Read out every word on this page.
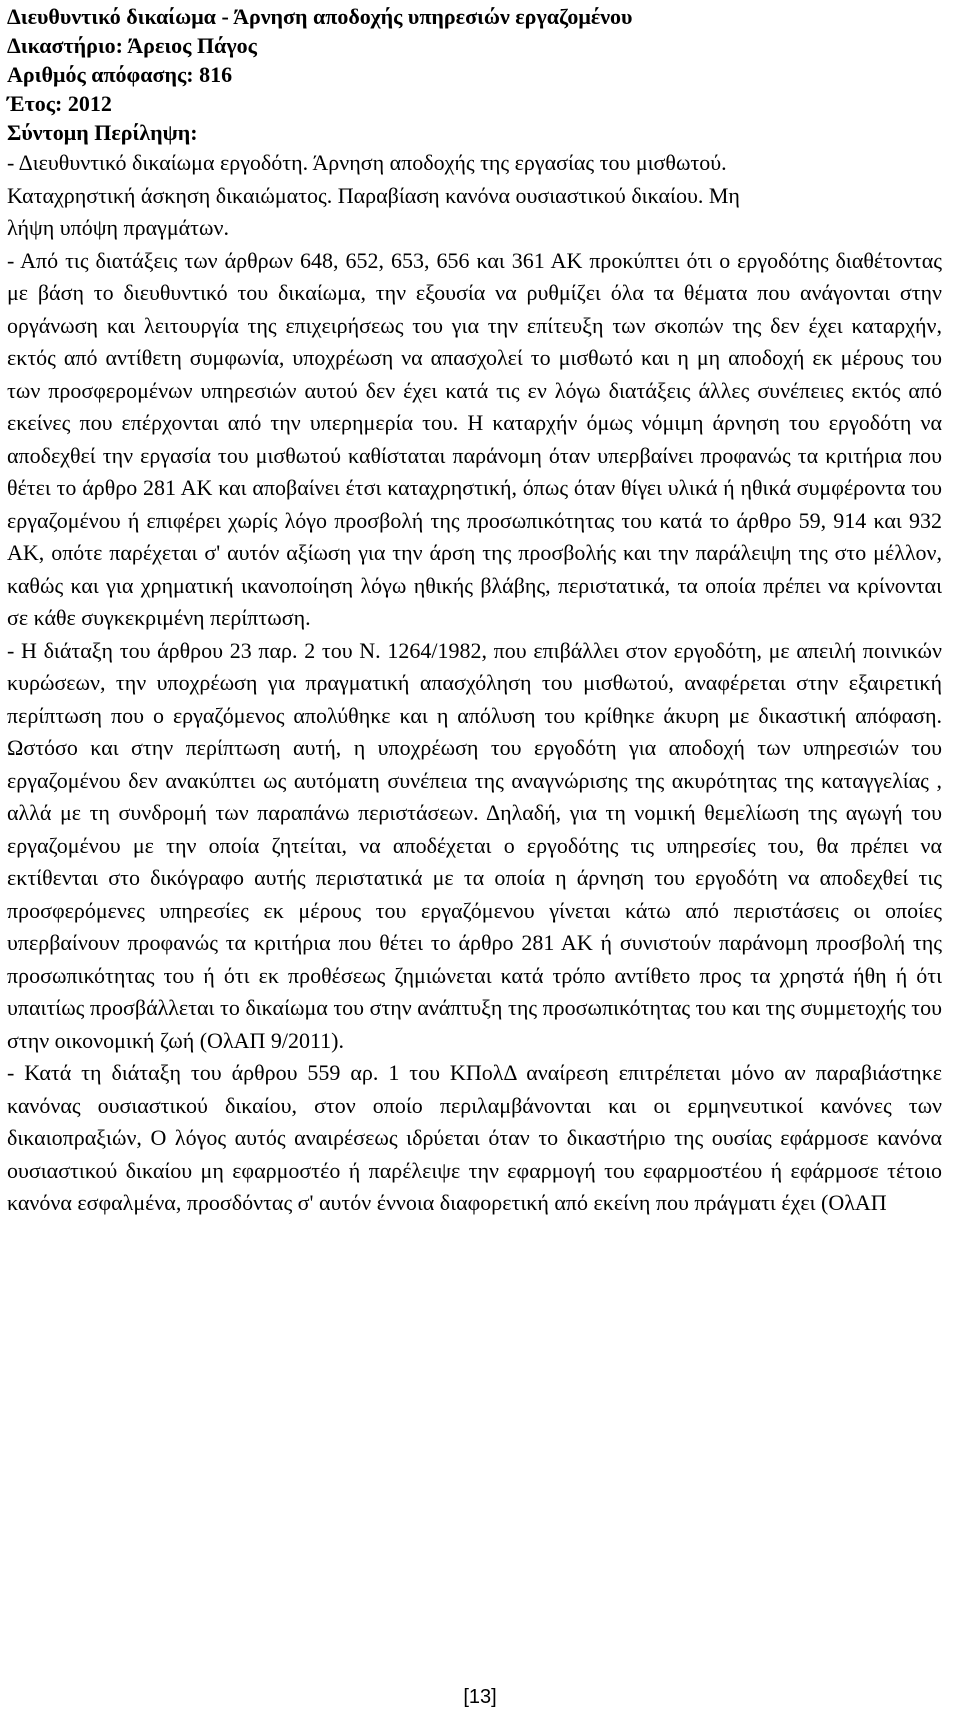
Διευθυντικό δικαίωμα - Άρνηση αποδοχής υπηρεσιών εργαζομένου

Δικαστήριο: Άρειος Πάγος

Αριθμός απόφασης: 816

Έτος: 2012

Σύντομη Περίληψη:

- Διευθυντικό δικαίωμα εργοδότη. Άρνηση αποδοχής της εργασίας του μισθωτού.
Καταχρηστική άσκηση δικαιώματος. Παραβίαση κανόνα ουσιαστικού δικαίου. Μη
λήψη υπόψη πραγμάτων.

- Από τις διατάξεις των άρθρων 648, 652, 653, 656 και 361 ΑΚ προκύπτει ότι ο εργοδότης διαθέτοντας με βάση το διευθυντικό του δικαίωμα, την εξουσία να ρυθμίζει όλα τα θέματα που ανάγονται στην οργάνωση και λειτουργία της επιχειρήσεως του για την επίτευξη των σκοπών της δεν έχει καταρχήν, εκτός από αντίθετη συμφωνία, υποχρέωση να απασχολεί το μισθωτό και η μη αποδοχή εκ μέρους του των προσφερομένων υπηρεσιών αυτού δεν έχει κατά τις εν λόγω διατάξεις άλλες συνέπειες εκτός από εκείνες που επέρχονται από την υπερημερία του. Η καταρχήν όμως νόμιμη άρνηση του εργοδότη να αποδεχθεί την εργασία του μισθωτού καθίσταται παράνομη όταν υπερβαίνει προφανώς τα κριτήρια που θέτει το άρθρο 281 ΑΚ και αποβαίνει έτσι καταχρηστική, όπως όταν θίγει υλικά ή ηθικά συμφέροντα του εργαζομένου ή επιφέρει χωρίς λόγο προσβολή της προσωπικότητας του κατά το άρθρο 59, 914 και 932 ΑΚ, οπότε παρέχεται σ' αυτόν αξίωση για την άρση της προσβολής και την παράλειψη της στο μέλλον, καθώς και για χρηματική ικανοποίηση λόγω ηθικής βλάβης, περιστατικά, τα οποία πρέπει να κρίνονται σε κάθε συγκεκριμένη περίπτωση.

- Η διάταξη του άρθρου 23 παρ. 2 του Ν. 1264/1982, που επιβάλλει στον εργοδότη, με απειλή ποινικών κυρώσεων, την υποχρέωση για πραγματική απασχόληση του μισθωτού, αναφέρεται στην εξαιρετική περίπτωση που ο εργαζόμενος απολύθηκε και η απόλυση του κρίθηκε άκυρη με δικαστική απόφαση. Ωστόσο και στην περίπτωση αυτή, η υποχρέωση του εργοδότη για αποδοχή των υπηρεσιών του εργαζομένου δεν ανακύπτει ως αυτόματη συνέπεια της αναγνώρισης της ακυρότητας της καταγγελίας , αλλά με τη συνδρομή των παραπάνω περιστάσεων. Δηλαδή, για τη νομική θεμελίωση της αγωγή του εργαζομένου με την οποία ζητείται, να αποδέχεται ο εργοδότης τις υπηρεσίες του, θα πρέπει να εκτίθενται στο δικόγραφο αυτής περιστατικά με τα οποία η άρνηση του εργοδότη να αποδεχθεί τις προσφερόμενες υπηρεσίες εκ μέρους του εργαζόμενου γίνεται κάτω από περιστάσεις οι οποίες υπερβαίνουν προφανώς τα κριτήρια που θέτει το άρθρο 281 ΑΚ ή συνιστούν παράνομη προσβολή της προσωπικότητας του ή ότι εκ προθέσεως ζημιώνεται κατά τρόπο αντίθετο προς τα χρηστά ήθη ή ότι υπαιτίως προσβάλλεται το δικαίωμα του στην ανάπτυξη της προσωπικότητας του και της συμμετοχής του στην οικονομική ζωή (ΟλΑΠ 9/2011).

- Κατά τη διάταξη του άρθρου 559 αρ. 1 του ΚΠολΔ αναίρεση επιτρέπεται μόνο αν παραβιάστηκε κανόνας ουσιαστικού δικαίου, στον οποίο περιλαμβάνονται και οι ερμηνευτικοί κανόνες των δικαιοπραξιών, Ο λόγος αυτός αναιρέσεως ιδρύεται όταν το δικαστήριο της ουσίας εφάρμοσε κανόνα ουσιαστικού δικαίου μη εφαρμοστέο ή παρέλειψε την εφαρμογή του εφαρμοστέου ή εφάρμοσε τέτοιο κανόνα εσφαλμένα, προσδόντας σ' αυτόν έννοια διαφορετική από εκείνη που πράγματι έχει (ΟλΑΠ

[13]
